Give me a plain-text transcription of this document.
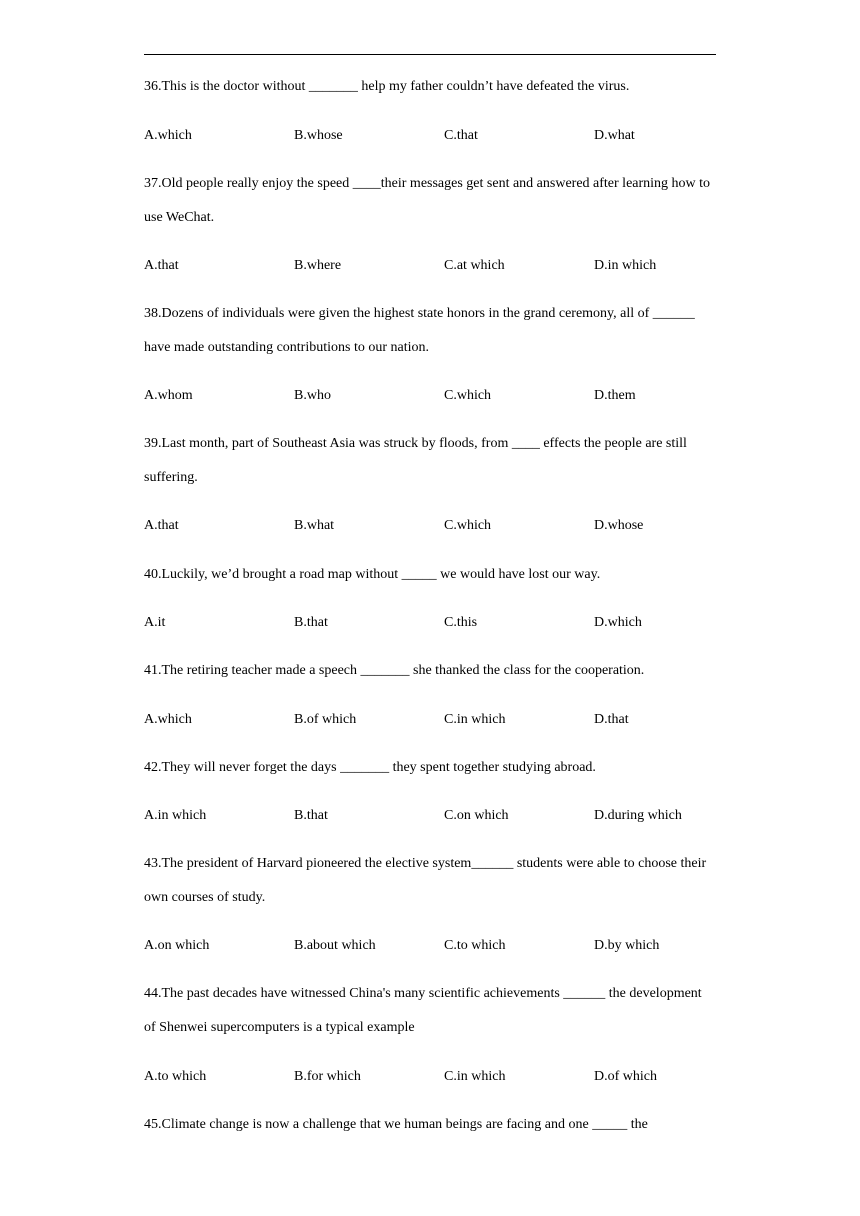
36.This is the doctor without _______ help my father couldn’t have defeated the virus.
A.which	B.whose	C.that	D.what
37.Old people really enjoy the speed ____their messages get sent and answered after learning how to use WeChat.
A.that	B.where	C.at which	D.in which
38.Dozens of individuals were given the highest state honors in the grand ceremony, all of ______ have made outstanding contributions to our nation.
A.whom	B.who	C.which	D.them
39.Last month, part of Southeast Asia was struck by floods, from ____ effects the people are still suffering.
A.that	B.what	C.which	D.whose
40.Luckily, we’d brought a road map without _____ we would have lost our way.
A.it	B.that	C.this	D.which
41.The retiring teacher made a speech _______ she thanked the class for the cooperation.
A.which	B.of which	C.in which	D.that
42.They will never forget the days _______ they spent together studying abroad.
A.in which	B.that	C.on which	D.during which
43.The president of Harvard pioneered the elective system______ students were able to choose their own courses of study.
A.on which	B.about which	C.to which	D.by which
44.The past decades have witnessed China's many scientific achievements ______ the development of Shenwei supercomputers is a typical example
A.to which	B.for which	C.in which	D.of which
45.Climate change is now a challenge that we human beings are facing and one _____ the
